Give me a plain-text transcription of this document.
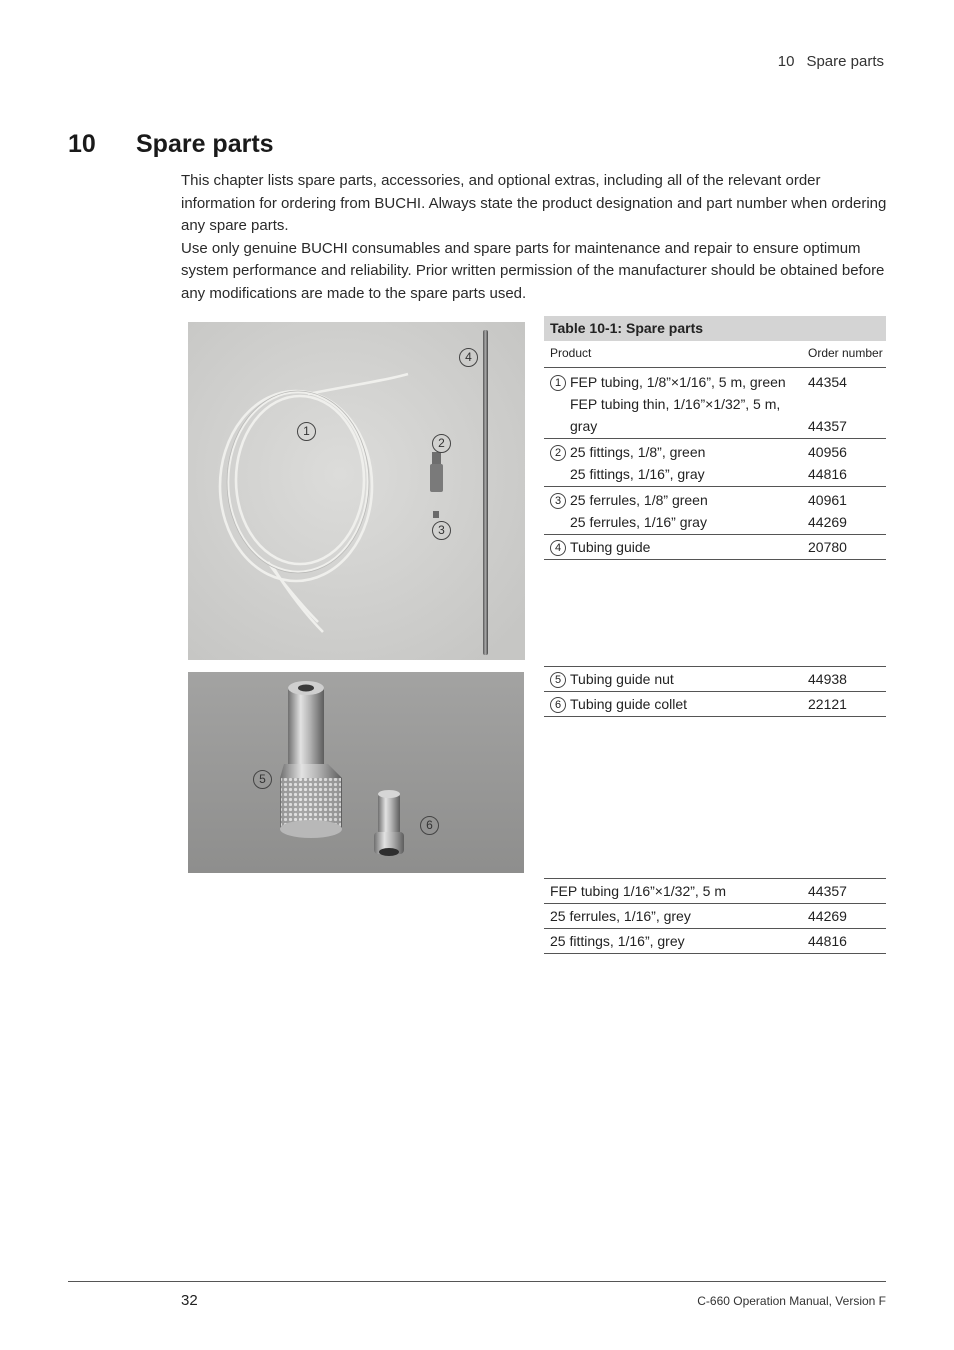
10 Spare parts
10 Spare parts

This chapter lists spare parts, accessories, and optional extras, including all of the relevant order information for ordering from BUCHI. Always state the product designation and part number when ordering any spare parts.

Use only genuine BUCHI consumables and spare parts for maintenance and repair to ensure optimum system performance and reliability. Prior written permission of the manufacturer should be obtained before any modifications are made to the spare parts used.

1
2
3
4
5
6
Table 10-1: Spare parts
Product	Order number
1 FEP tubing, 1/8”×1/16”, 5 m, green 44354
FEP tubing thin, 1/16”×1/32”, 5 m,
gray	44357
2 25 fittings, 1/8”, green	40956
25 fittings, 1/16”, gray	44816
3 25 ferrules, 1/8” green	40961
25 ferrules, 1/16” gray	44269
4 Tubing guide	20780
5 Tubing guide nut	44938
6 Tubing guide collet	22121
FEP tubing 1/16”×1/32”, 5 m	44357
25 ferrules, 1/16”, grey	44269
25 fittings, 1/16”, grey	44816
32	C-660 Operation Manual, Version F
